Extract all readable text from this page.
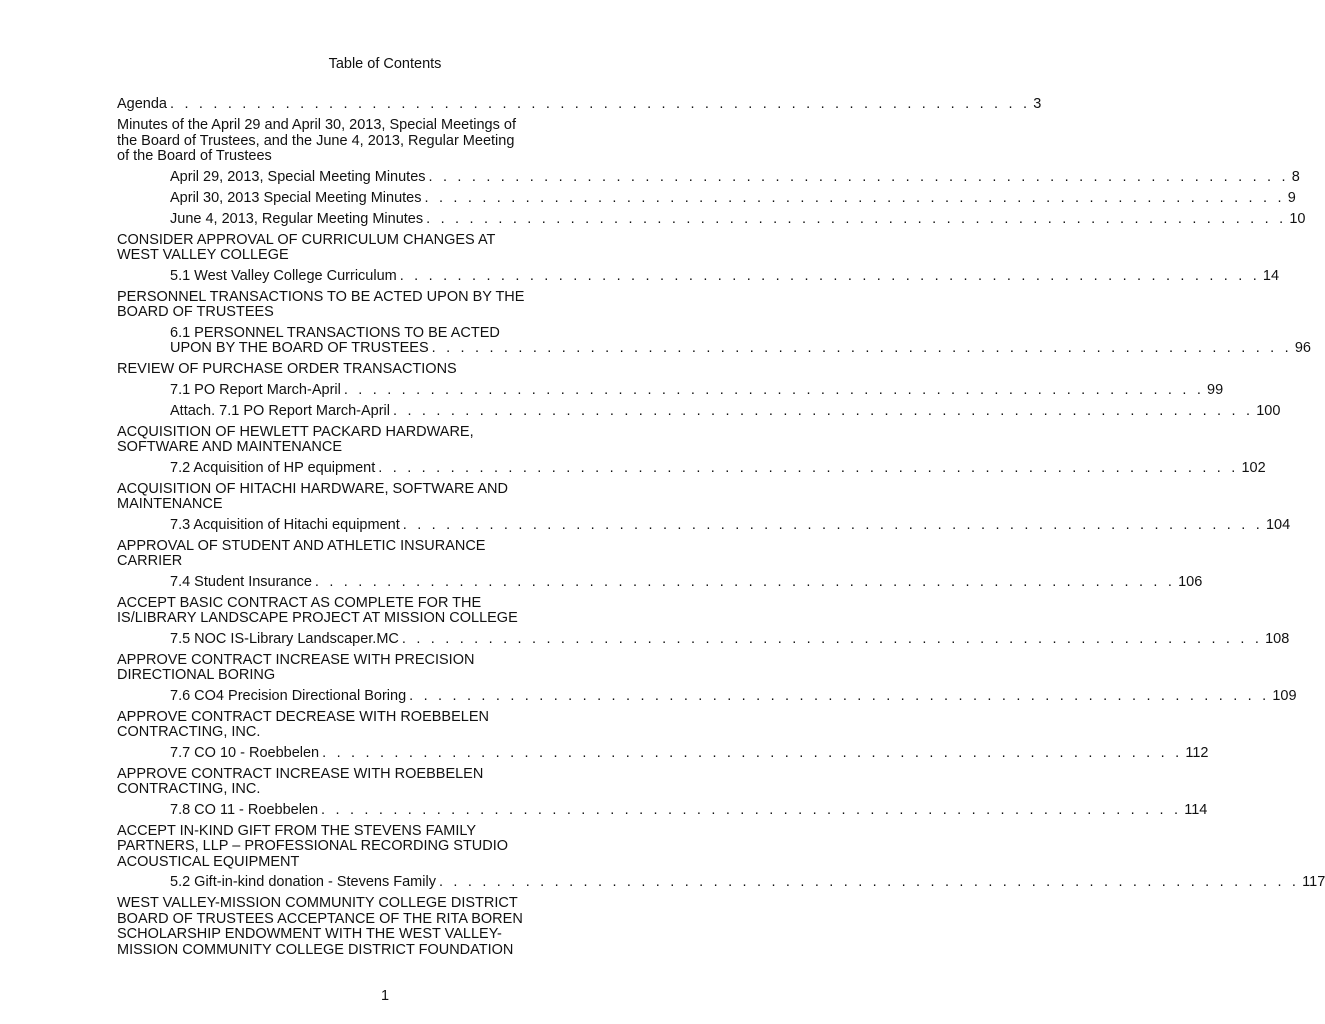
Table of Contents
Agenda . . . . . . . . . . . . . . . . . . . . . . . . . . . . . . . . . . . . . . . . . . . . . . . . . . . . . . . . . . . . 3
Minutes of the April 29 and April 30, 2013, Special Meetings of
the Board of Trustees, and the June 4, 2013, Regular Meeting
of the Board of Trustees
April 29, 2013, Special Meeting Minutes . . . . . . . . . . . . . . . . . . . . . . . . . . . . . . . . . . . . . . . . . . . . . . . . . . . . . . . . . . . . 8
April 30, 2013 Special Meeting Minutes . . . . . . . . . . . . . . . . . . . . . . . . . . . . . . . . . . . . . . . . . . . . . . . . . . . . . . . . . . . . 9
June 4, 2013, Regular Meeting Minutes . . . . . . . . . . . . . . . . . . . . . . . . . . . . . . . . . . . . . . . . . . . . . . . . . . . . . . . . . . . . 10
CONSIDER APPROVAL OF CURRICULUM CHANGES AT
WEST VALLEY COLLEGE
5.1 West Valley College Curriculum . . . . . . . . . . . . . . . . . . . . . . . . . . . . . . . . . . . . . . . . . . . . . . . . . . . . . . . . . . . . 14
PERSONNEL TRANSACTIONS TO BE ACTED UPON BY THE
BOARD OF TRUSTEES
6.1 PERSONNEL TRANSACTIONS TO BE ACTED
UPON BY THE BOARD OF TRUSTEES . . . . . . . . . . . . . . . . . . . . . . . . . . . . . . . . . . . . . . . . . . . . . . . . . . . . . . . . . . . . 96
REVIEW OF PURCHASE ORDER TRANSACTIONS
7.1 PO Report March-April . . . . . . . . . . . . . . . . . . . . . . . . . . . . . . . . . . . . . . . . . . . . . . . . . . . . . . . . . . . . 99
Attach. 7.1 PO Report March-April . . . . . . . . . . . . . . . . . . . . . . . . . . . . . . . . . . . . . . . . . . . . . . . . . . . . . . . . . . . . 100
ACQUISITION OF HEWLETT PACKARD HARDWARE,
SOFTWARE AND MAINTENANCE
7.2 Acquisition of HP equipment . . . . . . . . . . . . . . . . . . . . . . . . . . . . . . . . . . . . . . . . . . . . . . . . . . . . . . . . . . . . 102
ACQUISITION OF HITACHI HARDWARE, SOFTWARE AND
MAINTENANCE
7.3 Acquisition of Hitachi equipment . . . . . . . . . . . . . . . . . . . . . . . . . . . . . . . . . . . . . . . . . . . . . . . . . . . . . . . . . . . . 104
APPROVAL OF STUDENT AND ATHLETIC INSURANCE
CARRIER
7.4 Student Insurance . . . . . . . . . . . . . . . . . . . . . . . . . . . . . . . . . . . . . . . . . . . . . . . . . . . . . . . . . . . . 106
ACCEPT BASIC CONTRACT AS COMPLETE FOR THE
IS/LIBRARY LANDSCAPE PROJECT AT MISSION COLLEGE
7.5 NOC IS-Library Landscaper.MC . . . . . . . . . . . . . . . . . . . . . . . . . . . . . . . . . . . . . . . . . . . . . . . . . . . . . . . . . . . . 108
APPROVE CONTRACT INCREASE WITH PRECISION
DIRECTIONAL BORING
7.6 CO4 Precision Directional Boring . . . . . . . . . . . . . . . . . . . . . . . . . . . . . . . . . . . . . . . . . . . . . . . . . . . . . . . . . . . . 109
APPROVE CONTRACT DECREASE WITH ROEBBELEN
CONTRACTING, INC.
7.7 CO 10 - Roebbelen . . . . . . . . . . . . . . . . . . . . . . . . . . . . . . . . . . . . . . . . . . . . . . . . . . . . . . . . . . . . 112
APPROVE CONTRACT INCREASE WITH ROEBBELEN
CONTRACTING, INC.
7.8 CO 11 - Roebbelen . . . . . . . . . . . . . . . . . . . . . . . . . . . . . . . . . . . . . . . . . . . . . . . . . . . . . . . . . . . . 114
ACCEPT IN-KIND GIFT FROM THE STEVENS FAMILY
PARTNERS, LLP – PROFESSIONAL RECORDING STUDIO
ACOUSTICAL EQUIPMENT
5.2 Gift-in-kind donation - Stevens Family . . . . . . . . . . . . . . . . . . . . . . . . . . . . . . . . . . . . . . . . . . . . . . . . . . . . . . . . . . . . 117
WEST VALLEY-MISSION COMMUNITY COLLEGE DISTRICT
BOARD OF TRUSTEES ACCEPTANCE OF THE RITA BOREN
SCHOLARSHIP ENDOWMENT WITH THE WEST VALLEY-
MISSION COMMUNITY COLLEGE DISTRICT FOUNDATION
1
